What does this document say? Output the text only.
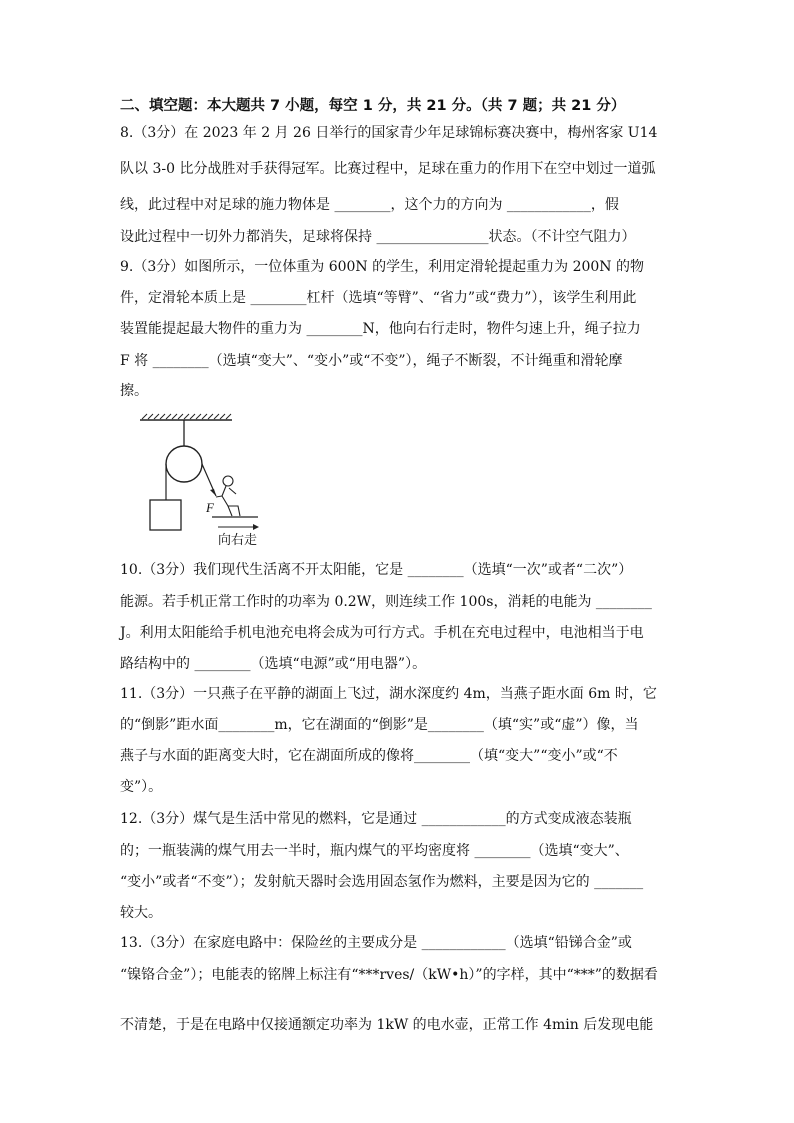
二、填空题：本大题共 7 小题，每空 1 分，共 21 分。（共 7 题；共 21 分）
8.（3分）在 2023 年 2 月 26 日举行的国家青少年足球锦标赛决赛中，梅州客家 U14
队以 3-0 比分战胜对手获得冠军。比赛过程中，足球在重力的作用下在空中划过一道弧
线，此过程中对足球的施力物体是 ________，这个力的方向为 ____________，假
设此过程中一切外力都消失，足球将保持 ________________状态。（不计空气阻力）
9.（3分）如图所示，一位体重为 600N 的学生，利用定滑轮提起重力为 200N 的物
件，定滑轮本质上是 ________杠杆（选填“等臂”、“省力”或“费力”），该学生利用此
装置能提起最大物件的重力为 ________N，他向右行走时，物件匀速上升，绳子拉力
F 将 ________（选填“变大”、“变小”或“不变”），绳子不断裂，不计绳重和滑轮摩
擦。
F
向右走
10.（3分）我们现代生活离不开太阳能，它是 ________（选填“一次”或者“二次”）
能源。若手机正常工作时的功率为 0.2W，则连续工作 100s，消耗的电能为 ________
J。利用太阳能给手机电池充电将会成为可行方式。手机在充电过程中，电池相当于电
路结构中的 ________（选填“电源”或“用电器”）。
11.（3分）一只燕子在平静的湖面上飞过，湖水深度约 4m，当燕子距水面 6m 时，它
的“倒影”距水面________m，它在湖面的“倒影”是________（填“实”或“虚”）像，当
燕子与水面的距离变大时，它在湖面所成的像将________（填“变大”“变小”或“不
变”）。
12.（3分）煤气是生活中常见的燃料，它是通过 ____________的方式变成液态装瓶
的；一瓶装满的煤气用去一半时，瓶内煤气的平均密度将 ________（选填“变大”、
“变小”或者“不变”）；发射航天器时会选用固态氢作为燃料，主要是因为它的 _______
较大。
13.（3分）在家庭电路中：保险丝的主要成分是 ____________（选填“铅锑合金”或
“镍铬合金”）；电能表的铭牌上标注有“***rves/（kW•h）”的字样，其中“***”的数据看
不清楚，于是在电路中仅接通额定功率为 1kW 的电水壶，正常工作 4min 后发现电能
